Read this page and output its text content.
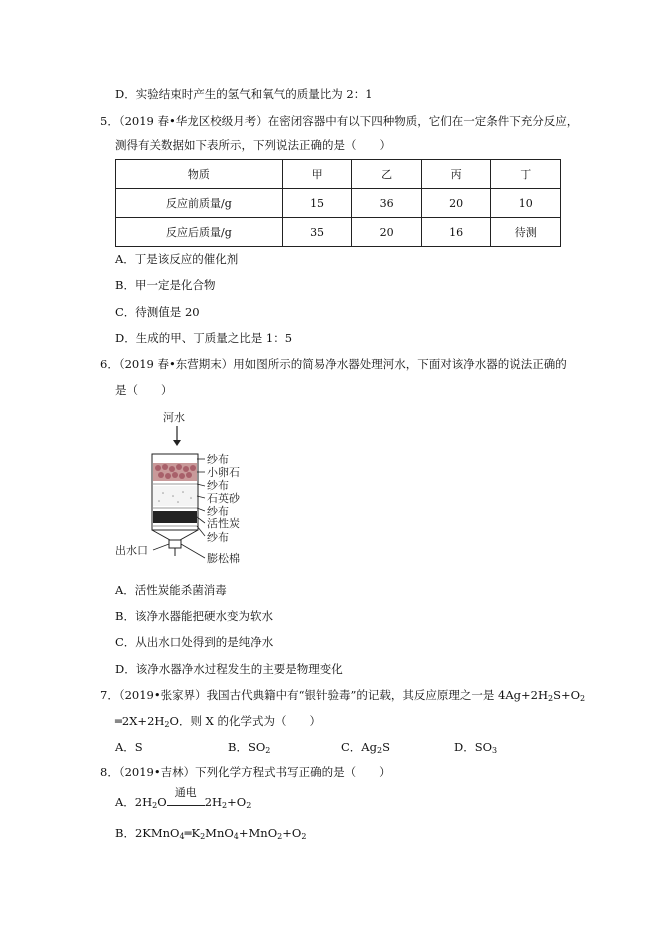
D．实验结束时产生的氢气和氧气的质量比为 2：1
5．（2019 春•华龙区校级月考）在密闭容器中有以下四种物质，它们在一定条件下充分反应，
测得有关数据如下表所示，下列说法正确的是（　　）
物质	甲	乙	丙	丁
反应前质量/g	15	36	20	10
反应后质量/g	35	20	16	待测
A．丁是该反应的催化剂
B．甲一定是化合物
C．待测值是 20
D．生成的甲、丁质量之比是 1：5
6．（2019 春•东营期末）用如图所示的简易净水器处理河水，下面对该净水器的说法正确的
是（　　）
河水
纱布
小卵石
纱布
石英砂
纱布
活性炭
纱布
膨松棉
出水口
A．活性炭能杀菌消毒
B．该净水器能把硬水变为软水
C．从出水口处得到的是纯净水
D．该净水器净水过程发生的主要是物理变化
7．（2019•张家界）我国古代典籍中有“银针验毒”的记载，其反应原理之一是 $4Ag+2H_2S+O_2$
$═2X+2H_2O$．则 X 的化学式为（　　）
A．S	B．$SO_2$	C．$Ag_2S$	D．$SO_3$
8．（2019•吉林）下列化学方程式书写正确的是（　　）
A．$2H_2O$
通电
$2H_2+O_2$
B．$2KMnO_4═K_2MnO_4+MnO_2+O_2$
